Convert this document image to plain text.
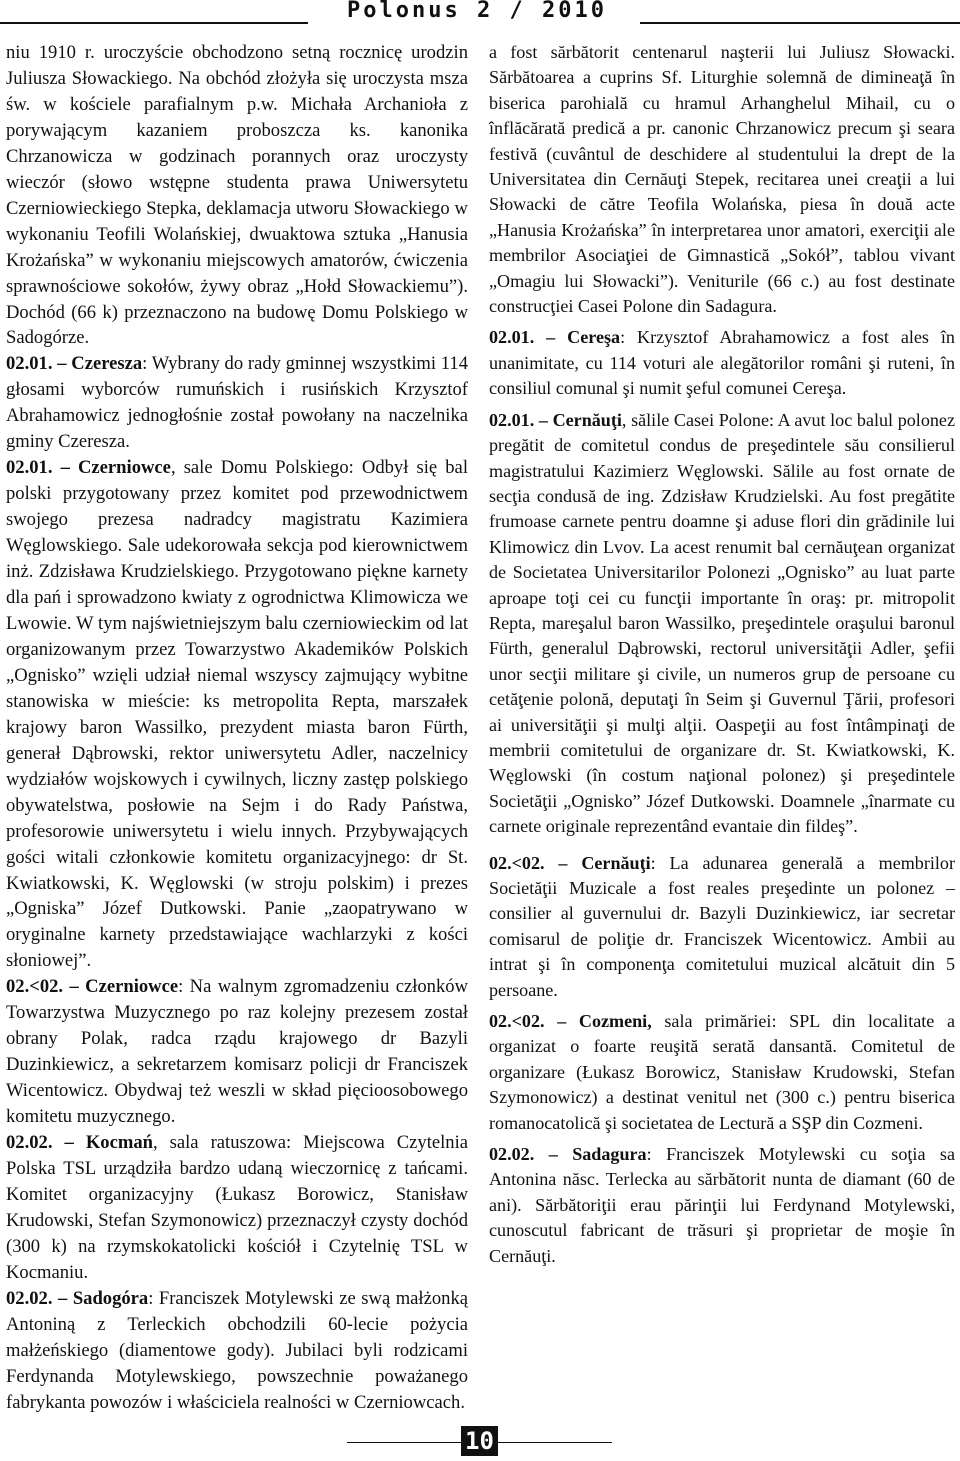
Polonus 2 / 2010

niu 1910 r. uroczyście obchodzono setną rocznicę urodzin Juliusza Słowackiego. Na obchód złożyła się uroczysta msza św. w kościele parafialnym p.w. Michała Archanioła z porywającym kazaniem proboszcza ks. kanonika Chrzanowicza w godzinach porannych oraz uroczysty wieczór (słowo wstępne studenta prawa Uniwersytetu Czerniowieckiego Stepka, deklamacja utworu Słowackiego w wykonaniu Teofili Wolańskiej, dwuaktowa sztuka „Hanusia Krożańska” w wykonaniu miejscowych amatorów, ćwiczenia sprawnościowe sokołów, żywy obraz „Hołd Słowackiemu”). Dochód (66 k) przeznaczono na budowę Domu Polskiego w Sadogórze.

02.01. – Czeresza: Wybrany do rady gminnej wszystkimi 114 głosami wyborców rumuńskich i rusińskich Krzysztof Abrahamowicz jednogłośnie został powołany na naczelnika gminy Czeresza.

02.01. – Czerniowce, sale Domu Polskiego: Odbył się bal polski przygotowany przez komitet pod przewodnictwem swojego prezesa nadradcy magistratu Kazimiera Węglowskiego. Sale udekorowała sekcja pod kierownictwem inż. Zdzisława Krudzielskiego. Przygotowano piękne karnety dla pań i sprowadzono kwiaty z ogrodnictwa Klimowicza we Lwowie. W tym najświetniejszym balu czerniowieckim od lat organizowanym przez Towarzystwo Akademików Polskich „Ognisko” wzięli udział niemal wszyscy zajmujący wybitne stanowiska w mieście: ks metropolita Repta, marszałek krajowy baron Wassilko, prezydent miasta baron Fürth, generał Dąbrowski, rektor uniwersytetu Adler, naczelnicy wydziałów wojskowych i cywilnych, liczny zastęp polskiego obywatelstwa, posłowie na Sejm i do Rady Państwa, profesorowie uniwersytetu i wielu innych. Przybywających gości witali członkowie komitetu organizacyjnego: dr St. Kwiatkowski, K. Węglowski (w stroju polskim) i prezes „Ogniska” Józef Dutkowski. Panie „zaopatrywano w oryginalne karnety przedstawiające wachlarzyki z kości słoniowej”.

02.<02. – Czerniowce: Na walnym zgromadzeniu członków Towarzystwa Muzycznego po raz kolejny prezesem został obrany Polak, radca rządu krajowego dr Bazyli Duzinkiewicz, a sekretarzem komisarz policji dr Franciszek Wicentowicz. Obydwaj też weszli w skład pięcioosobowego komitetu muzycznego.

02.02. – Kocmań, sala ratuszowa: Miejscowa Czytelnia Polska TSL urządziła bardzo udaną wieczornicę z tańcami. Komitet organizacyjny (Łukasz Borowicz, Stanisław Krudowski, Stefan Szymonowicz) przeznaczył czysty dochód (300 k) na rzymskokatolicki kościół i Czytelnię TSL w Kocmaniu.

02.02. – Sadogóra: Franciszek Motylewski ze swą małżonką Antoniną z Terleckich obchodzili 60-lecie pożycia małżeńskiego (diamentowe gody). Jubilaci byli rodzicami Ferdynanda Motylewskiego, powszechnie poważanego fabrykanta powozów i właściciela realności w Czerniowcach.

a fost sărbătorit centenarul naşterii lui Juliusz Słowacki. Sărbătoarea a cuprins Sf. Liturghie solemnă de dimineaţă în biserica parohială cu hramul Arhanghelul Mihail, cu o înflăcărată predică a pr. canonic Chrzanowicz precum şi seara festivă (cuvântul de deschidere al studentului la drept de la Universitatea din Cernăuţi Stepek, recitarea unei creaţii a lui Słowacki de către Teofila Wolańska, piesa în două acte „Hanusia Krożańska” în interpretarea unor amatori, exerciţii ale membrilor Asociaţiei de Gimnastică „Sokół”, tablou vivant „Omagiu lui Słowacki”). Veniturile (66 c.) au fost destinate construcţiei Casei Polone din Sadagura.

02.01. – Cereşa: Krzysztof Abrahamowicz a fost ales în unanimitate, cu 114 voturi ale alegătorilor români şi ruteni, în consiliul comunal şi numit şeful comunei Cereşa.

02.01. – Cernăuţi, sălile Casei Polone: A avut loc balul polonez pregătit de comitetul condus de preşedintele său consilierul magistratului Kazimierz Węglowski. Sălile au fost ornate de secţia condusă de ing. Zdzisław Krudzielski. Au fost pregătite frumoase carnete pentru doamne şi aduse flori din grădinile lui Klimowicz din Lvov. La acest renumit bal cernăuţean organizat de Societatea Universitarilor Polonezi „Ognisko” au luat parte aproape toţi cei cu funcţii importante în oraş: pr. mitropolit Repta, mareşalul baron Wassilko, preşedintele oraşului baronul Fürth, generalul Dąbrowski, rectorul universităţii Adler, şefii unor secţii militare şi civile, un numeros grup de persoane cu cetăţenie polonă, deputaţi în Seim şi Guvernul Ţării, profesori ai universităţii şi mulţi alţii. Oaspeţii au fost întâmpinaţi de membrii comitetului de organizare dr. St. Kwiatkowski, K. Węglowski (în costum naţional polonez) şi preşedintele Societăţii „Ognisko” Józef Dutkowski. Doamnele „înarmate cu carnete originale reprezentând evantaie din fildeş”.

02.<02. – Cernăuţi: La adunarea generală a membrilor Societăţii Muzicale a fost reales preşedinte un polonez – consilier al guvernului dr. Bazyli Duzinkiewicz, iar secretar comisarul de poliţie dr. Franciszek Wicentowicz. Ambii au intrat şi în componenţa comitetului muzical alcătuit din 5 persoane.

02.<02. – Cozmeni, sala primăriei: SPL din localitate a organizat o foarte reuşită serată dansantă. Comitetul de organizare (Łukasz Borowicz, Stanisław Krudowski, Stefan Szymonowicz) a destinat venitul net (300 c.) pentru biserica romanocatolică şi societatea de Lectură a SŞP din Cozmeni.

02.02. – Sadagura: Franciszek Motylewski cu soţia sa Antonina născ. Terlecka au sărbătorit nunta de diamant (60 de ani). Sărbătoriţii erau părinţii lui Ferdynand Motylewski, cunoscutul fabricant de trăsuri şi proprietar de moşie în Cernăuţi.

10
